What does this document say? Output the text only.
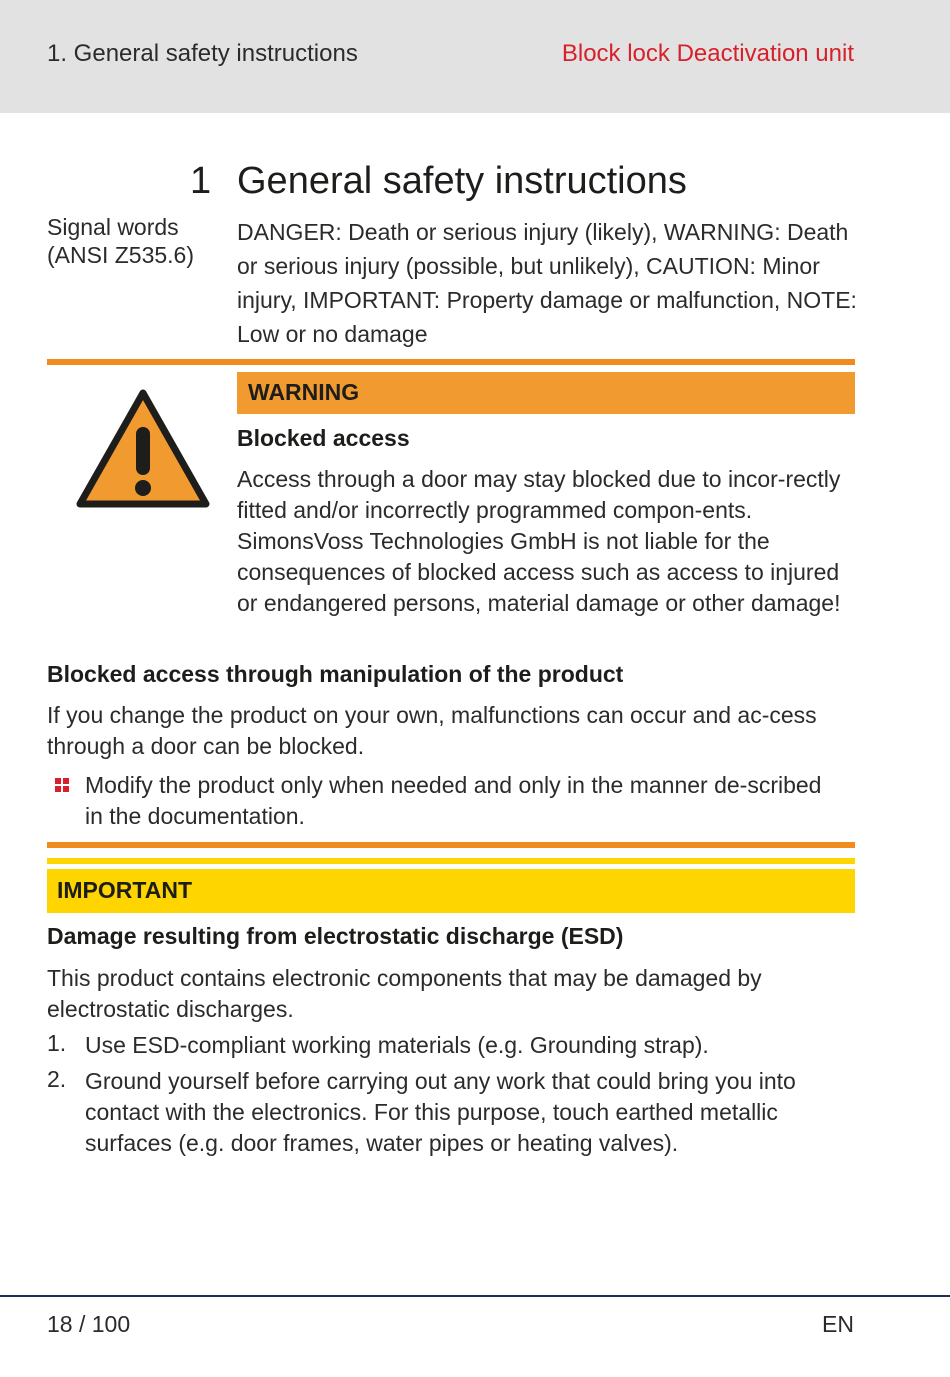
1. General safety instructions	Block lock Deactivation unit
1 General safety instructions
Signal words (ANSI Z535.6)
DANGER: Death or serious injury (likely), WARNING: Death or serious injury (possible, but unlikely), CAUTION: Minor injury, IMPORTANT: Property damage or malfunction, NOTE: Low or no damage
WARNING
Blocked access
Access through a door may stay blocked due to incor-rectly fitted and/or incorrectly programmed compon-ents. SimonsVoss Technologies GmbH is not liable for the consequences of blocked access such as access to injured or endangered persons, material damage or other damage!
Blocked access through manipulation of the product
If you change the product on your own, malfunctions can occur and ac-cess through a door can be blocked.
Modify the product only when needed and only in the manner de-scribed in the documentation.
IMPORTANT
Damage resulting from electrostatic discharge (ESD)
This product contains electronic components that may be damaged by electrostatic discharges.
1. Use ESD-compliant working materials (e.g. Grounding strap).
2. Ground yourself before carrying out any work that could bring you into contact with the electronics. For this purpose, touch earthed metallic surfaces (e.g. door frames, water pipes or heating valves).
18 / 100	EN
